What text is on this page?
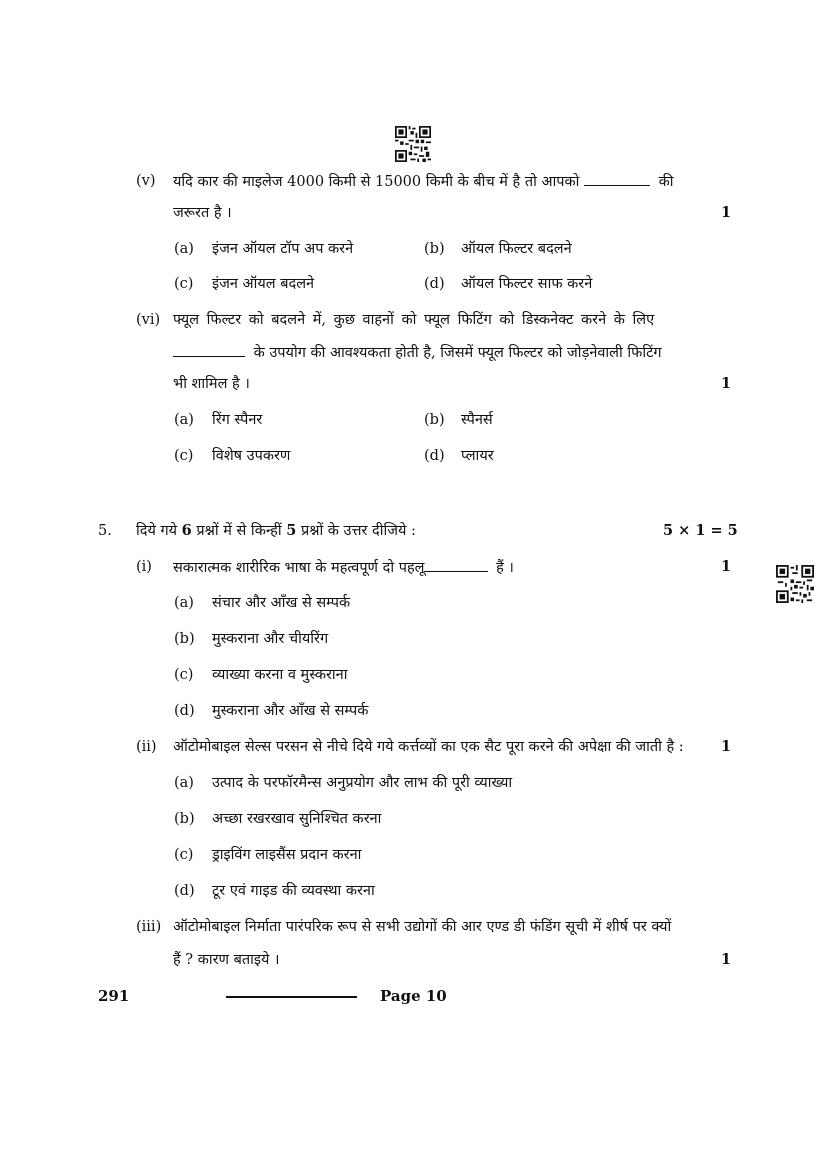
(v) यदि कार की माइलेज 4000 किमी से 15000 किमी के बीच में है तो आपको	की
जरूरत है ।	1
(a) इंजन ऑयल टॉप अप करने	(b) ऑयल फिल्टर बदलने
(c) इंजन ऑयल बदलने	(d) ऑयल फिल्टर साफ करने
(vi) फ्यूल फिल्टर को बदलने में, कुछ वाहनों को फ्यूल फिटिंग को डिस्कनेक्ट करने के लिए
के उपयोग की आवश्यकता होती है, जिसमें फ्यूल फिल्टर को जोड़नेवाली फिटिंग
भी शामिल है ।	1
(a) रिंग स्पैनर	(b) स्पैनर्स
(c) विशेष उपकरण	(d) प्लायर
5. दिये गये 6 प्रश्नों में से किन्हीं 5 प्रश्नों के उत्तर दीजिये :	5 × 1 = 5
(i) सकारात्मक शारीरिक भाषा के महत्वपूर्ण दो पहलू	हैं ।	1
(a) संचार और आँख से सम्पर्क
(b) मुस्कराना और चीयरिंग
(c) व्याख्या करना व मुस्कराना
(d) मुस्कराना और आँख से सम्पर्क
(ii) ऑटोमोबाइल सेल्स परसन से नीचे दिये गये कर्त्तव्यों का एक सैट पूरा करने की अपेक्षा की जाती है :	1
(a) उत्पाद के परफॉरमैन्स अनुप्रयोग और लाभ की पूरी व्याख्या
(b) अच्छा रखरखाव सुनिश्चित करना
(c) ड्राइविंग लाइसैंस प्रदान करना
(d) टूर एवं गाइड की व्यवस्था करना
(iii) ऑटोमोबाइल निर्माता पारंपरिक रूप से सभी उद्योगों की आर एण्ड डी फंडिंग सूची में शीर्ष पर क्यों
हैं ? कारण बताइये ।	1
291	Page 10
